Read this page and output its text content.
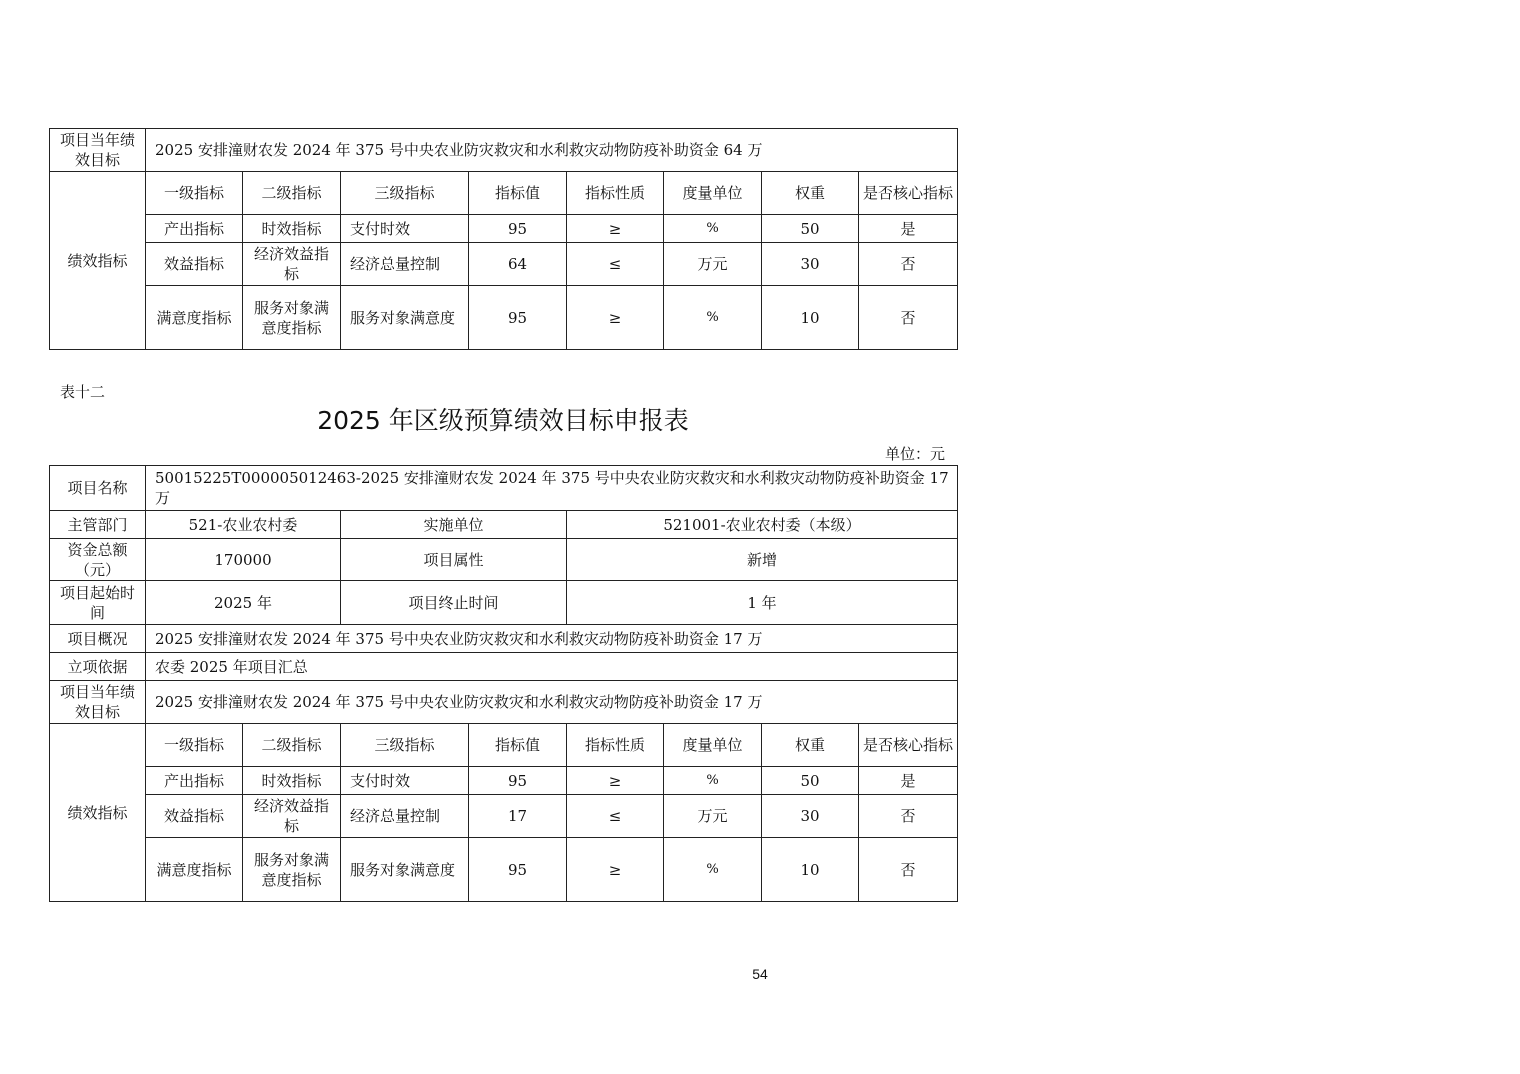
项目当年绩效目标	2025 安排潼财农发 2024 年 375 号中央农业防灾救灾和水利救灾动物防疫补助资金 64 万							
绩效指标	一级指标	二级指标	三级指标	指标值	指标性质	度量单位	权重	是否核心指标
	产出指标	时效指标	支付时效	95	≥	%	50	是
	效益指标	经济效益指标	经济总量控制	64	≤	万元	30	否
	满意度指标	服务对象满意度指标	服务对象满意度	95	≥	%	10	否
表十二
2025 年区级预算绩效目标申报表
单位：元
项目名称	50015225T000005012463-2025 安排潼财农发 2024 年 375 号中央农业防灾救灾和水利救灾动物防疫补助资金 17 万							
主管部门	521-农业农村委		实施单位		521001-农业农村委（本级）			
资金总额（元）	170000		项目属性		新增			
项目起始时间	2025 年		项目终止时间		1 年			
项目概况	2025 安排潼财农发 2024 年 375 号中央农业防灾救灾和水利救灾动物防疫补助资金 17 万							
立项依据	农委 2025 年项目汇总							
项目当年绩效目标	2025 安排潼财农发 2024 年 375 号中央农业防灾救灾和水利救灾动物防疫补助资金 17 万							
绩效指标	一级指标	二级指标	三级指标	指标值	指标性质	度量单位	权重	是否核心指标
	产出指标	时效指标	支付时效	95	≥	%	50	是
	效益指标	经济效益指标	经济总量控制	17	≤	万元	30	否
	满意度指标	服务对象满意度指标	服务对象满意度	95	≥	%	10	否
54
